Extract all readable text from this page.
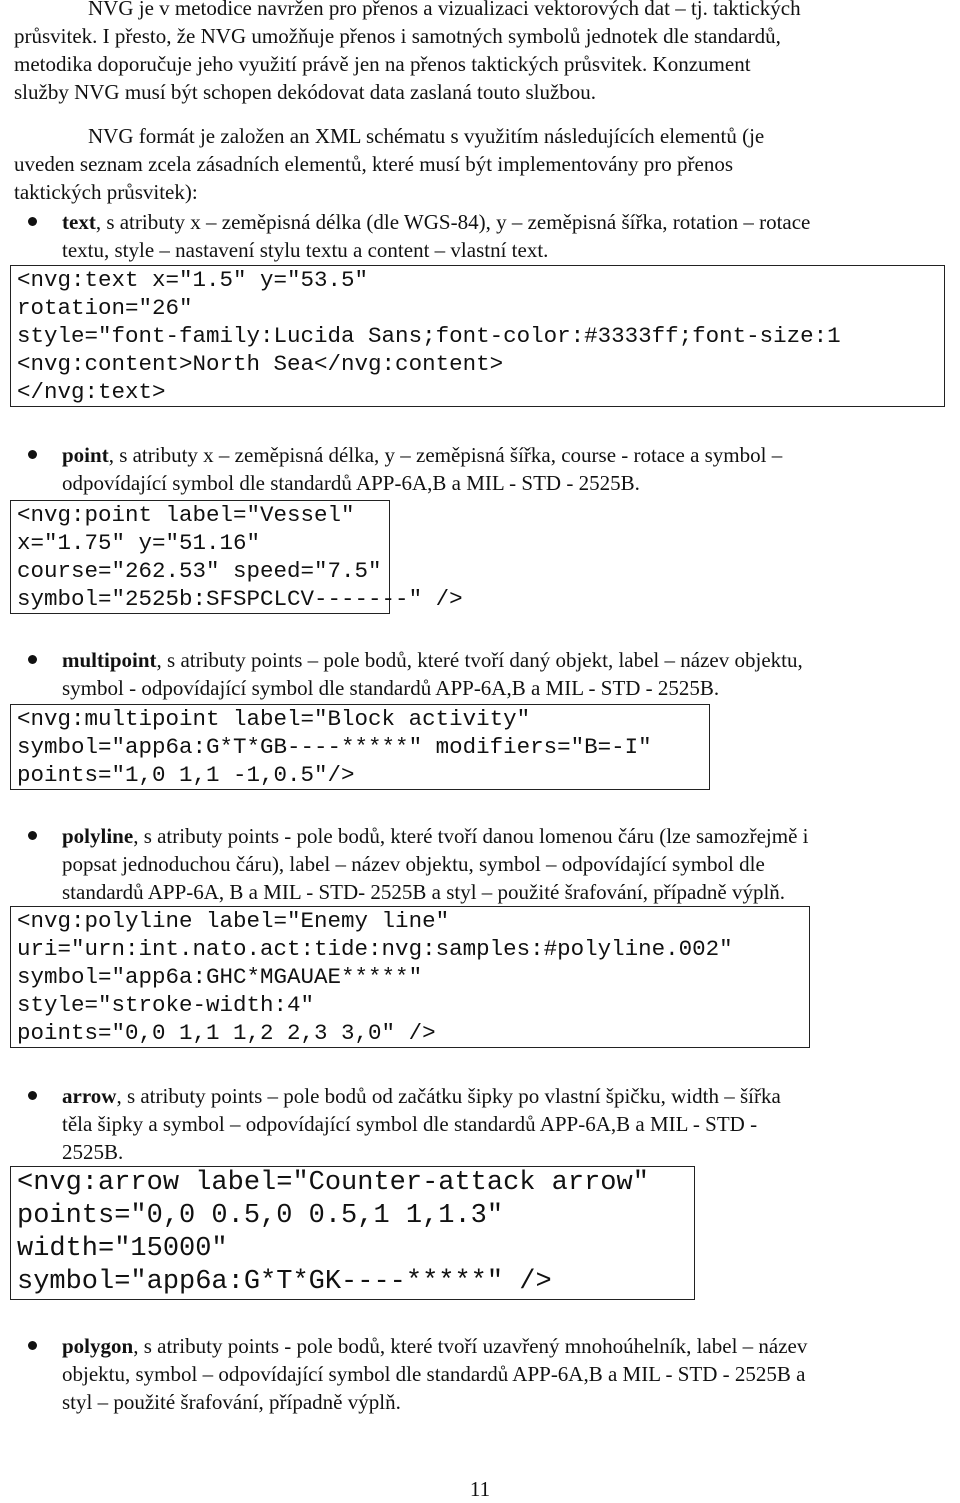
NVG je v metodice navržen pro přenos a vizualizaci vektorových dat – tj. taktických
průsvitek. I přesto, že NVG umožňuje přenos i samotných symbolů jednotek dle standardů,
metodika doporučuje jeho využití právě jen na přenos taktických průsvitek. Konzument
služby NVG musí být schopen dekódovat data zaslaná touto službou.
NVG formát je založen an XML schématu s využitím následujících elementů (je
uveden seznam zcela zásadních elementů, které musí být implementovány pro přenos
taktických průsvitek):
text, s atributy x – zeměpisná délka (dle WGS-84), y – zeměpisná šířka, rotation – rotace
textu, style – nastavení stylu textu a content – vlastní text.
<nvg:text x="1.5" y="53.5"
rotation="26"
style="font-family:Lucida Sans;font-color:#3333ff;font-size:1
<nvg:content>North Sea</nvg:content>
</nvg:text>
point, s atributy x – zeměpisná délka, y – zeměpisná šířka, course - rotace a symbol –
odpovídající symbol dle standardů APP-6A,B a MIL - STD - 2525B.
<nvg:point label="Vessel"
x="1.75" y="51.16"
course="262.53" speed="7.5"
symbol="2525b:SFSPCLCV-------" />
multipoint, s atributy points – pole bodů, které tvoří daný objekt, label – název objektu,
symbol - odpovídající symbol dle standardů APP-6A,B a MIL - STD - 2525B.
<nvg:multipoint label="Block activity"
symbol="app6a:G*T*GB----*****" modifiers="B=-I"
points="1,0 1,1 -1,0.5"/>
polyline, s atributy points - pole bodů, které tvoří danou lomenou čáru (lze samozřejmě i
popsat jednoduchou čáru), label – název objektu, symbol – odpovídající symbol dle
standardů APP-6A, B a MIL - STD- 2525B a styl – použité šrafování, případně výplň.
<nvg:polyline label="Enemy line"
uri="urn:int.nato.act:tide:nvg:samples:#polyline.002"
symbol="app6a:GHC*MGAUAE*****"
style="stroke-width:4"
points="0,0 1,1 1,2 2,3 3,0" />
arrow, s atributy points – pole bodů od začátku šipky po vlastní špičku, width – šířka
těla šipky a symbol – odpovídající symbol dle standardů APP-6A,B a MIL - STD -
2525B.
<nvg:arrow label="Counter-attack arrow"
points="0,0 0.5,0 0.5,1 1,1.3"
width="15000"
symbol="app6a:G*T*GK----*****" />
polygon, s atributy points - pole bodů, které tvoří uzavřený mnohoúhelník, label – název
objektu, symbol – odpovídající symbol dle standardů APP-6A,B a MIL - STD - 2525B a
styl – použité šrafování, případně výplň.
11
